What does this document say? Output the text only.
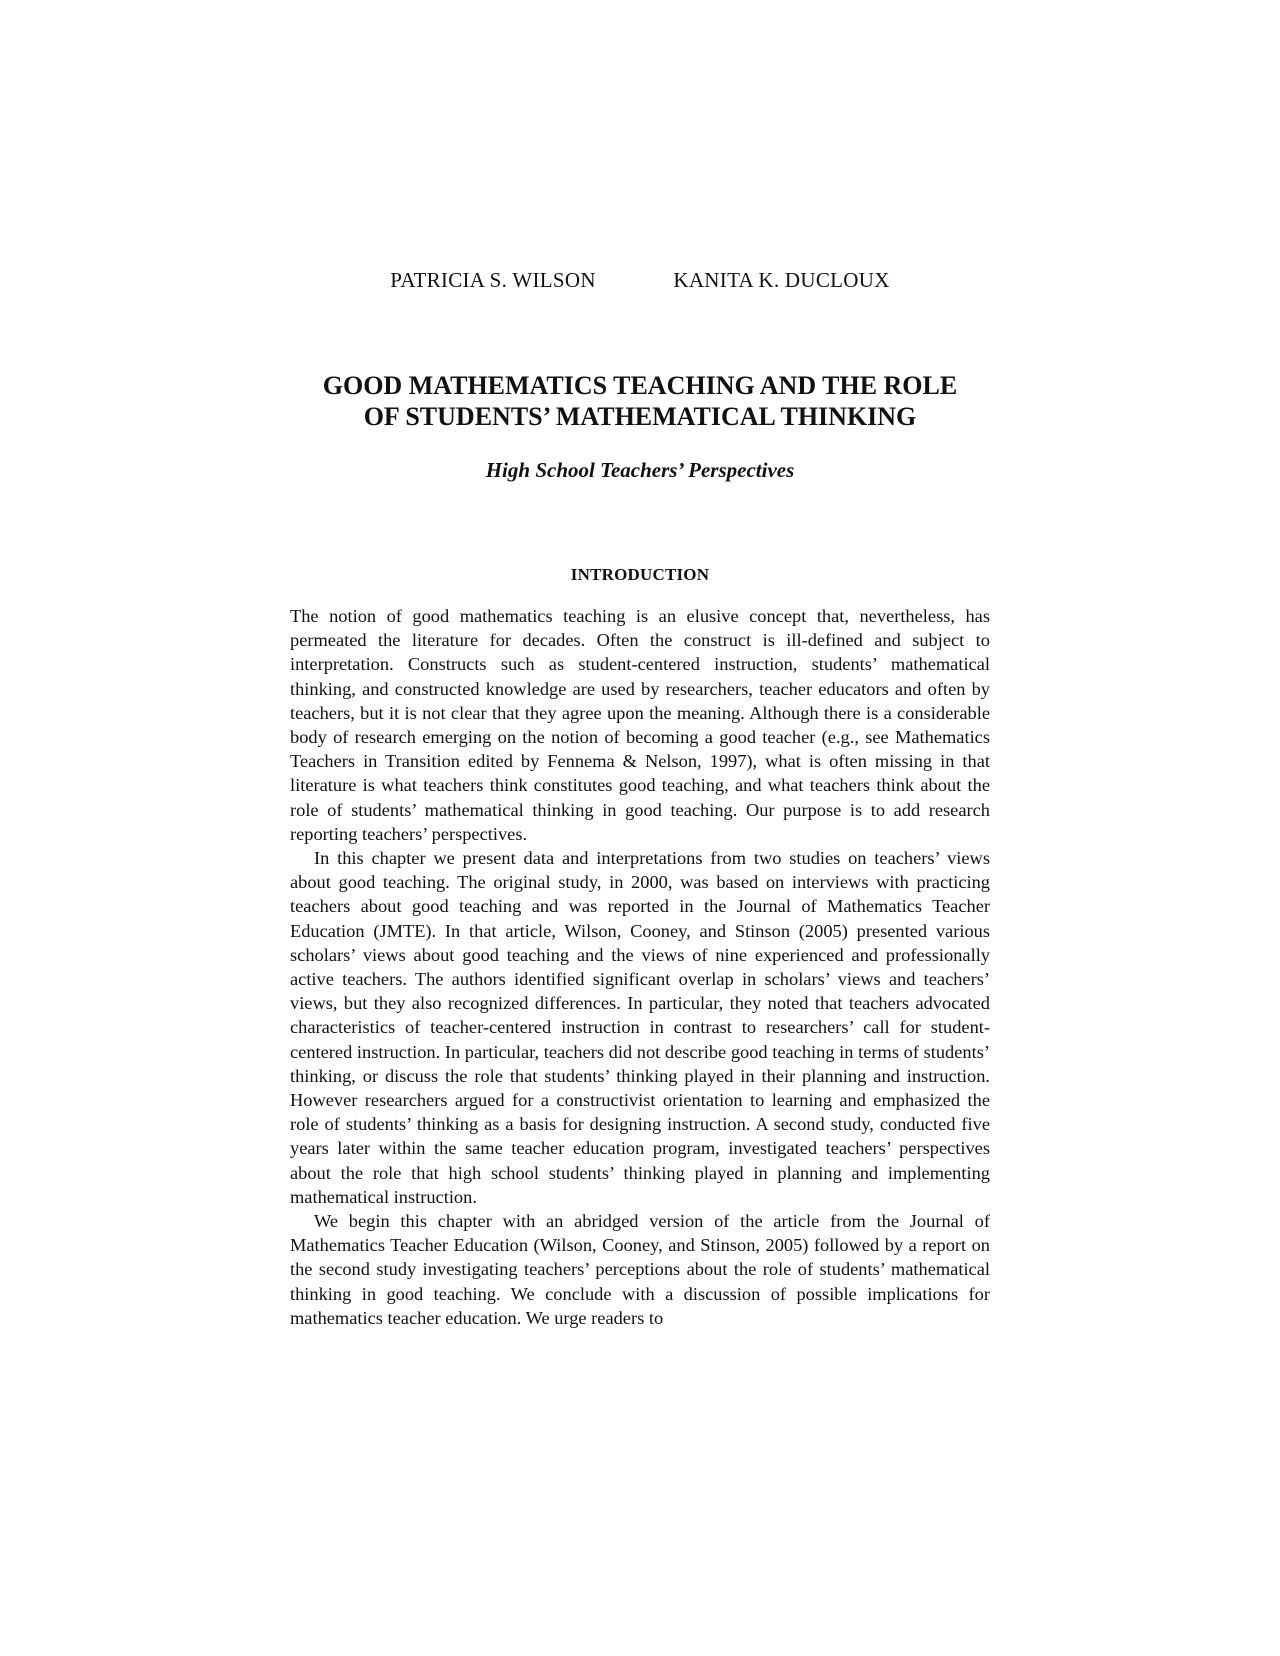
PATRICIA S. WILSON	KANITA K. DUCLOUX
GOOD MATHEMATICS TEACHING AND THE ROLE
OF STUDENTS’ MATHEMATICAL THINKING
High School Teachers’ Perspectives
INTRODUCTION

The notion of good mathematics teaching is an elusive concept that, nevertheless, has permeated the literature for decades. Often the construct is ill-defined and subject to interpretation. Constructs such as student-centered instruction, students’ mathematical thinking, and constructed knowledge are used by researchers, teacher educators and often by teachers, but it is not clear that they agree upon the meaning. Although there is a considerable body of research emerging on the notion of becoming a good teacher (e.g., see Mathematics Teachers in Transition edited by Fennema & Nelson, 1997), what is often missing in that literature is what teachers think constitutes good teaching, and what teachers think about the role of students’ mathematical thinking in good teaching. Our purpose is to add research reporting teachers’ perspectives.

In this chapter we present data and interpretations from two studies on teachers’ views about good teaching. The original study, in 2000, was based on interviews with practicing teachers about good teaching and was reported in the Journal of Mathematics Teacher Education (JMTE). In that article, Wilson, Cooney, and Stinson (2005) presented various scholars’ views about good teaching and the views of nine experienced and professionally active teachers. The authors identified significant overlap in scholars’ views and teachers’ views, but they also recognized differences. In particular, they noted that teachers advocated characteristics of teacher-centered instruction in contrast to researchers’ call for student-centered instruction. In particular, teachers did not describe good teaching in terms of students’ thinking, or discuss the role that students’ thinking played in their planning and instruction. However researchers argued for a constructivist orientation to learning and emphasized the role of students’ thinking as a basis for designing instruction. A second study, conducted five years later within the same teacher education program, investigated teachers’ perspectives about the role that high school students’ thinking played in planning and implementing mathematical instruction.

We begin this chapter with an abridged version of the article from the Journal of Mathematics Teacher Education (Wilson, Cooney, and Stinson, 2005) followed by a report on the second study investigating teachers’ perceptions about the role of students’ mathematical thinking in good teaching. We conclude with a discussion of possible implications for mathematics teacher education. We urge readers to
